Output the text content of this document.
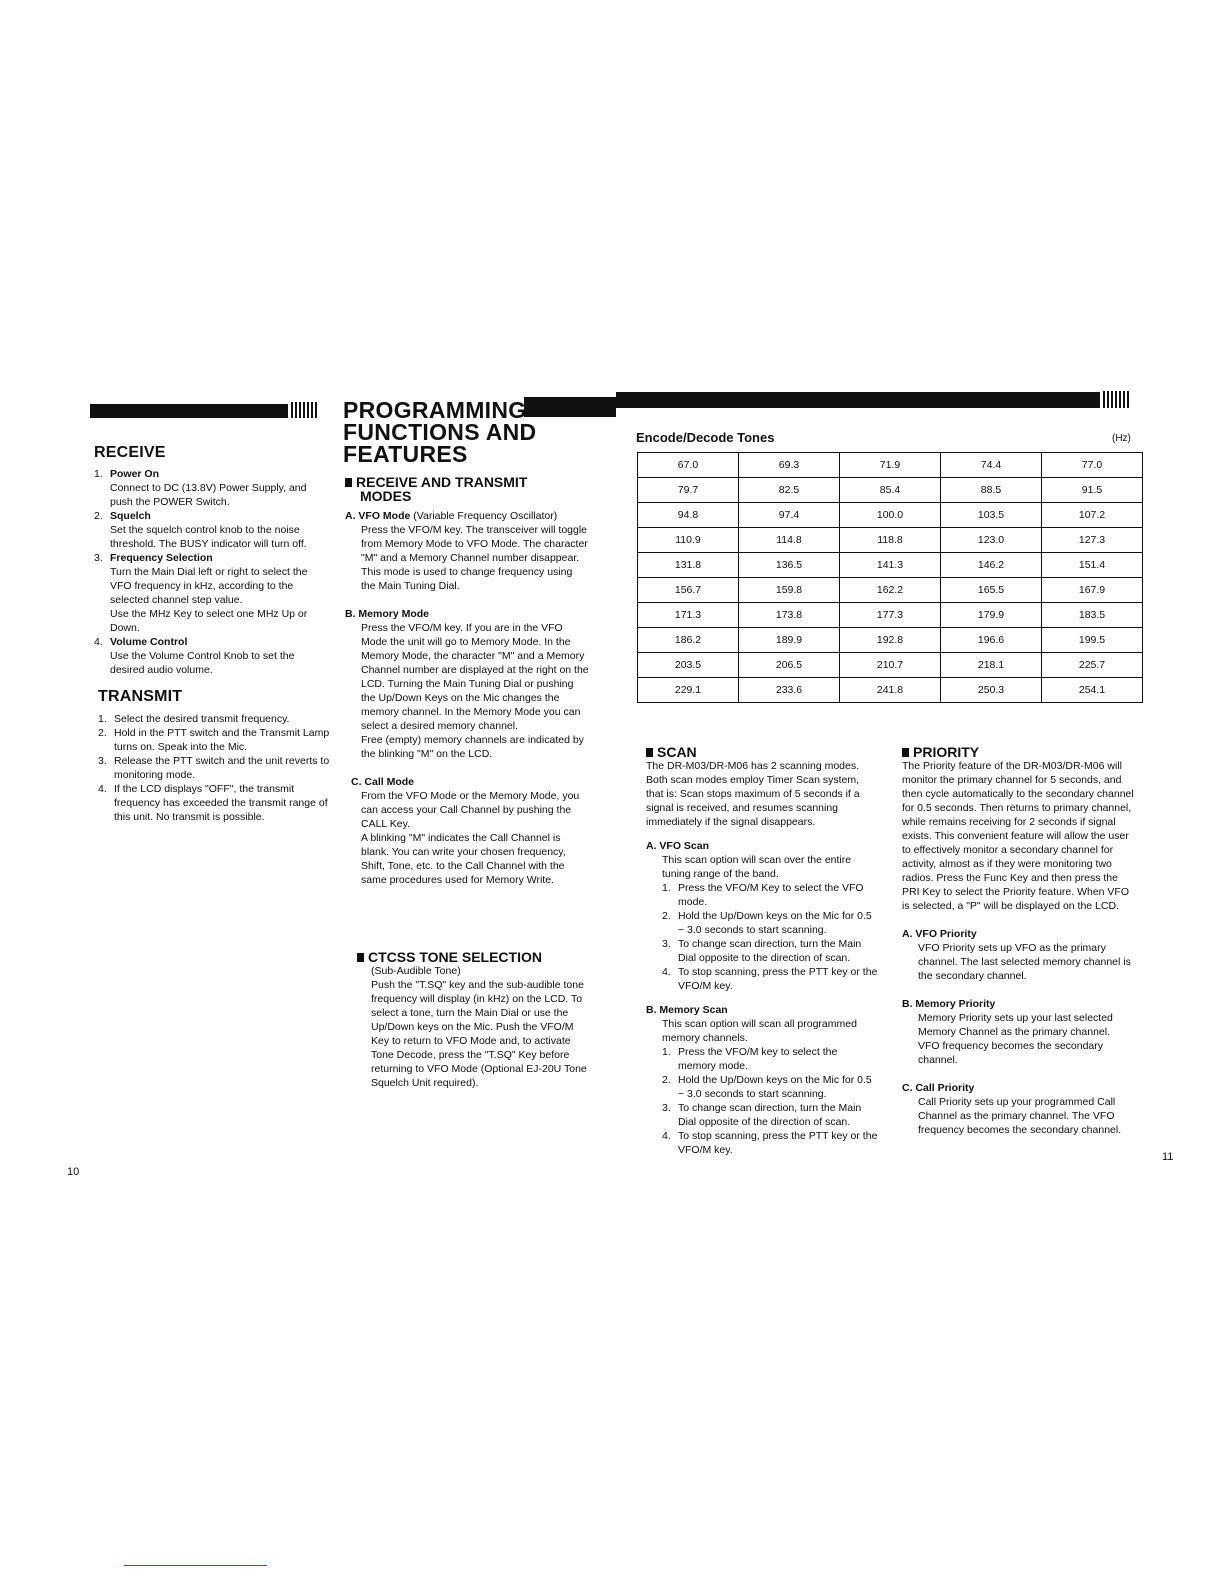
RECEIVE
1. Power On

Connect to DC (13.8V) Power Supply, and push the POWER Switch.

2. Squelch

Set the squelch control knob to the noise threshold. The BUSY indicator will turn off.

3. Frequency Selection

Turn the Main Dial left or right to select the VFO frequency in kHz, according to the selected channel step value.

Use the MHz Key to select one MHz Up or Down.

4. Volume Control

Use the Volume Control Knob to set the desired audio volume.

TRANSMIT
1. Select the desired transmit frequency.

2. Hold in the PTT switch and the Transmit Lamp turns on. Speak into the Mic.

3. Release the PTT switch and the unit reverts to monitoring mode.

4. If the LCD displays "OFF", the transmit frequency has exceeded the transmit range of this unit. No transmit is possible.

PROGRAMMING
FUNCTIONS AND
FEATURES

RECEIVE AND TRANSMIT

MODES

A. VFO Mode (Variable Frequency Oscillator)

Press the VFO/M key. The transceiver will toggle from Memory Mode to VFO Mode. The character "M" and a Memory Channel number disappear. This mode is used to change frequency using the Main Tuning Dial.

B. Memory Mode

Press the VFO/M key. If you are in the VFO Mode the unit will go to Memory Mode. In the Memory Mode, the character "M" and a Memory Channel number are displayed at the right on the LCD. Turning the Main Tuning Dial or pushing the Up/Down Keys on the Mic changes the memory channel. In the Memory Mode you can select a desired memory channel.

Free (empty) memory channels are indicated by the blinking "M" on the LCD.

C. Call Mode

From the VFO Mode or the Memory Mode, you can access your Call Channel by pushing the CALL Key.

A blinking "M" indicates the Call Channel is blank. You can write your chosen frequency, Shift, Tone, etc. to the Call Channel with the same procedures used for Memory Write.

CTCSS TONE SELECTION

(Sub-Audible Tone)

Push the "T.SQ" key and the sub-audible tone frequency will display (in kHz) on the LCD. To select a tone, turn the Main Dial or use the Up/Down keys on the Mic. Push the VFO/M Key to return to VFO Mode and, to activate Tone Decode, press the "T.SQ" Key before returning to VFO Mode (Optional EJ-20U Tone Squelch Unit required).

Encode/Decode Tones	(Hz)
67.0	69.3	71.9	74.4	77.0
79.7	82.5	85.4	88.5	91.5
94.8	97.4	100.0	103.5	107.2
110.9	114.8	118.8	123.0	127.3
131.8	136.5	141.3	146.2	151.4
156.7	159.8	162.2	165.5	167.9
171.3	173.8	177.3	179.9	183.5
186.2	189.9	192.8	196.6	199.5
203.5	206.5	210.7	218.1	225.7
229.1	233.6	241.8	250.3	254.1

SCAN

The DR-M03/DR-M06 has 2 scanning modes. Both scan modes employ Timer Scan system, that is: Scan stops maximum of 5 seconds if a signal is received, and resumes scanning immediately if the signal disappears.

A. VFO Scan

This scan option will scan over the entire tuning range of the band.

1. Press the VFO/M Key to select the VFO mode.

2. Hold the Up/Down keys on the Mic for 0.5 ~ 3.0 seconds to start scanning.

3. To change scan direction, turn the Main Dial opposite to the direction of scan.

4. To stop scanning, press the PTT key or the VFO/M key.

B. Memory Scan

This scan option will scan all programmed memory channels.

1. Press the VFO/M key to select the memory mode.

2. Hold the Up/Down keys on the Mic for 0.5 ~ 3.0 seconds to start scanning.

3. To change scan direction, turn the Main Dial opposite of the direction of scan.

4. To stop scanning, press the PTT key or the VFO/M key.

PRIORITY

The Priority feature of the DR-M03/DR-M06 will monitor the primary channel for 5 seconds, and then cycle automatically to the secondary channel for 0.5 seconds. Then returns to primary channel, while remains receiving for 2 seconds if signal exists. This convenient feature will allow the user to effectively monitor a secondary channel for activity, almost as if they were monitoring two radios. Press the Func Key and then press the PRI Key to select the Priority feature. When VFO is selected, a "P" will be displayed on the LCD.

A. VFO Priority

VFO Priority sets up VFO as the primary channel. The last selected memory channel is the secondary channel.

B. Memory Priority

Memory Priority sets up your last selected Memory Channel as the primary channel. VFO frequency becomes the secondary channel.

C. Call Priority

Call Priority sets up your programmed Call Channel as the primary channel. The VFO frequency becomes the secondary channel.

10
11
